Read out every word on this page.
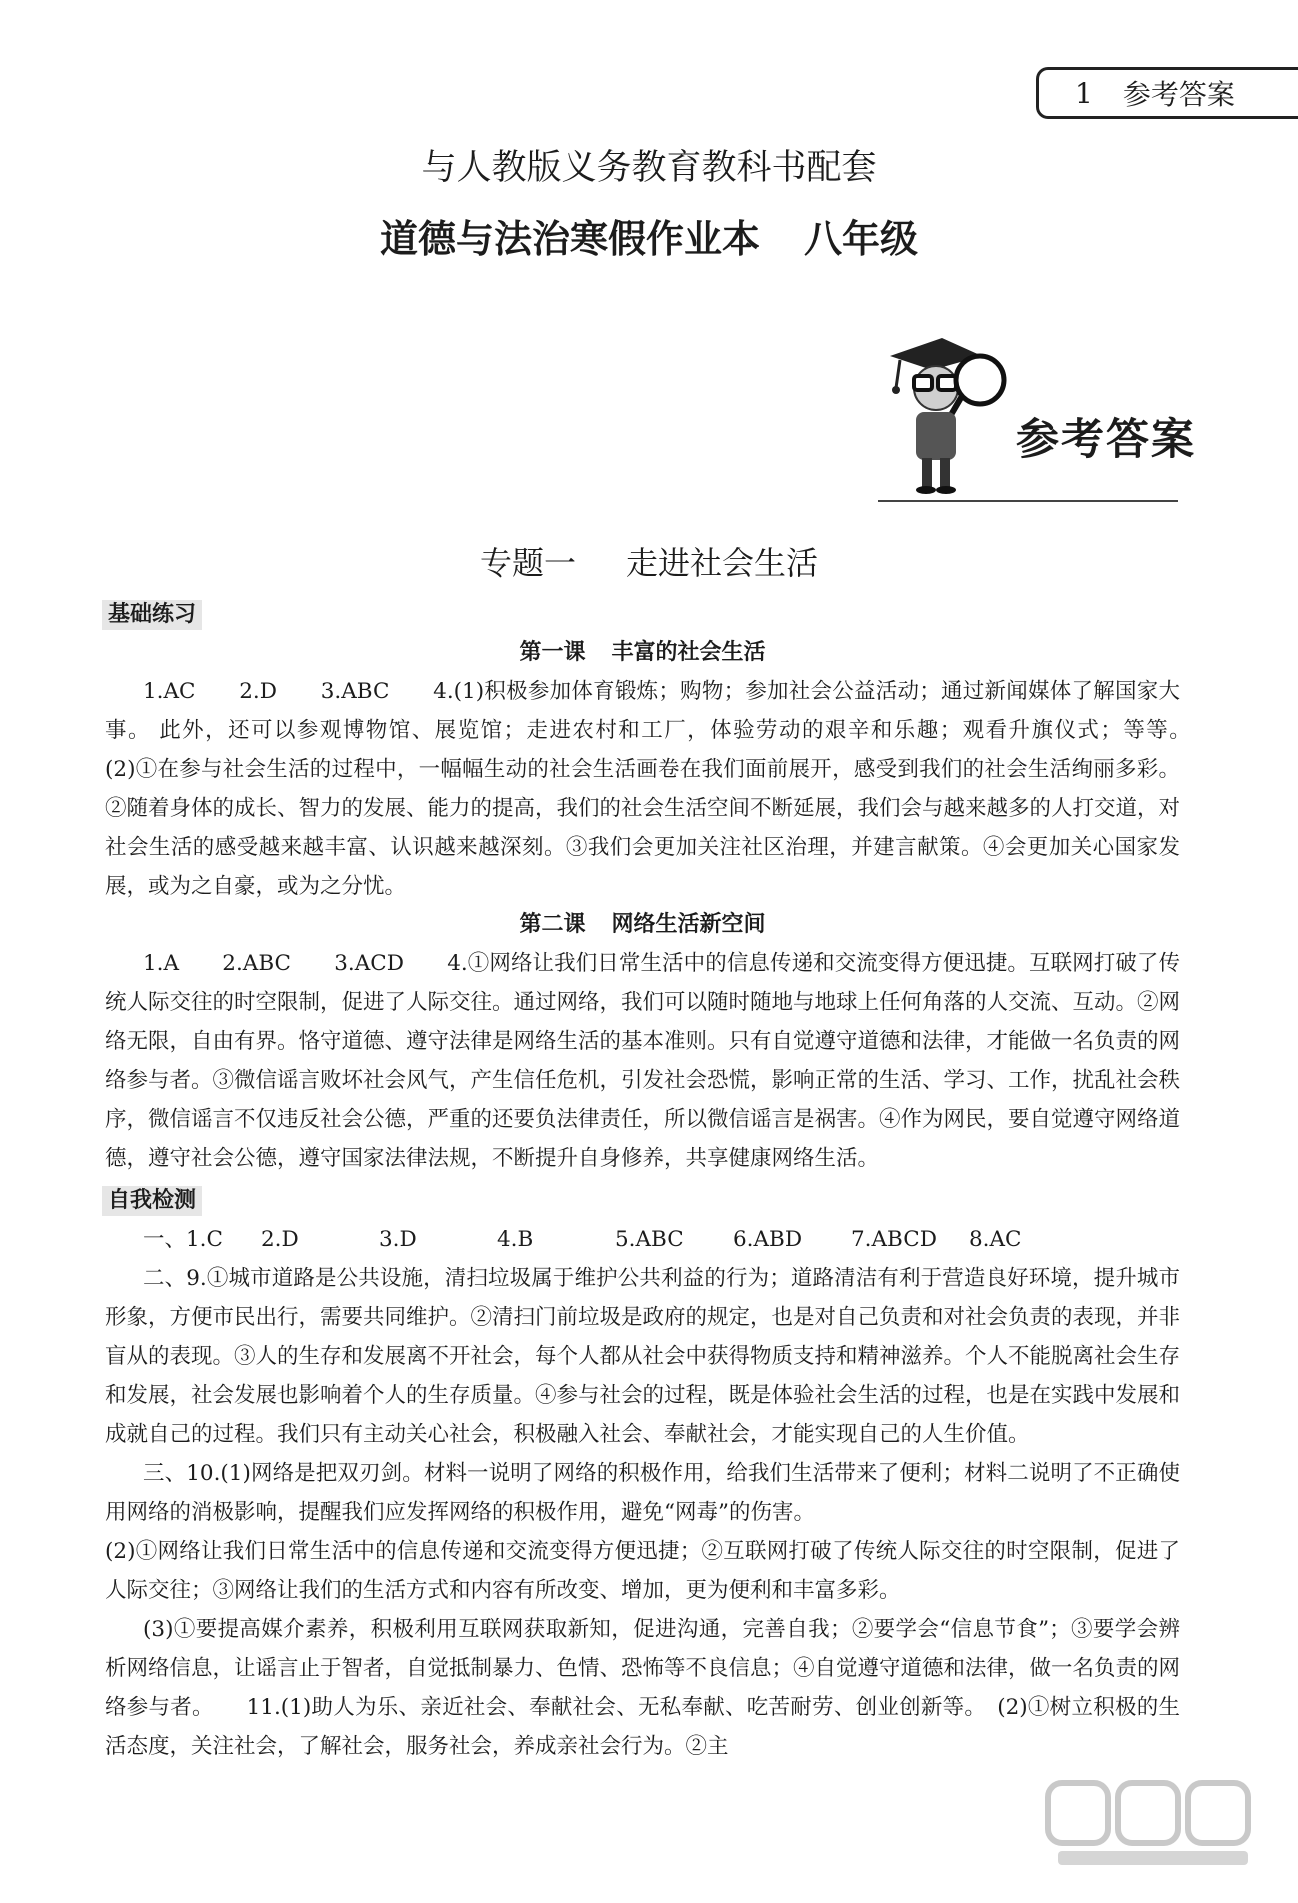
1 参考答案
与人教版义务教育教科书配套
道德与法治寒假作业本 八年级
参考答案
专题一 走进社会生活
基础练习
第一课 丰富的社会生活

1.AC　　2.D　　3.ABC　　4.(1)积极参加体育锻炼；购物；参加社会公益活动；通过新闻媒体了解国家大事。 此外，还可以参观博物馆、展览馆；走进农村和工厂，体验劳动的艰辛和乐趣；观看升旗仪式；等等。　(2)①在参与社会生活的过程中，一幅幅生动的社会生活画卷在我们面前展开，感受到我们的社会生活绚丽多彩。②随着身体的成长、智力的发展、能力的提高，我们的社会生活空间不断延展，我们会与越来越多的人打交道，对社会生活的感受越来越丰富、认识越来越深刻。③我们会更加关注社区治理，并建言献策。④会更加关心国家发展，或为之自豪，或为之分忧。

第二课 网络生活新空间

1.A　　2.ABC　　3.ACD　　4.①网络让我们日常生活中的信息传递和交流变得方便迅捷。互联网打破了传统人际交往的时空限制，促进了人际交往。通过网络，我们可以随时随地与地球上任何角落的人交流、互动。②网络无限，自由有界。恪守道德、遵守法律是网络生活的基本准则。只有自觉遵守道德和法律，才能做一名负责的网络参与者。③微信谣言败坏社会风气，产生信任危机，引发社会恐慌，影响正常的生活、学习、工作，扰乱社会秩序，微信谣言不仅违反社会公德，严重的还要负法律责任，所以微信谣言是祸害。④作为网民，要自觉遵守网络道德，遵守社会公德，遵守国家法律法规，不断提升自身修养，共享健康网络生活。

自我检测
一、1.C	2.D	3.D	4.B	5.ABC	6.ABD	7.ABCD	8.AC

二、9.①城市道路是公共设施，清扫垃圾属于维护公共利益的行为；道路清洁有利于营造良好环境，提升城市形象，方便市民出行，需要共同维护。②清扫门前垃圾是政府的规定，也是对自己负责和对社会负责的表现，并非盲从的表现。③人的生存和发展离不开社会，每个人都从社会中获得物质支持和精神滋养。个人不能脱离社会生存和发展，社会发展也影响着个人的生存质量。④参与社会的过程，既是体验社会生活的过程，也是在实践中发展和成就自己的过程。我们只有主动关心社会，积极融入社会、奉献社会，才能实现自己的人生价值。

三、10.(1)网络是把双刃剑。材料一说明了网络的积极作用，给我们生活带来了便利；材料二说明了不正确使用网络的消极影响，提醒我们应发挥网络的积极作用，避免“网毒”的伤害。

(2)①网络让我们日常生活中的信息传递和交流变得方便迅捷；②互联网打破了传统人际交往的时空限制，促进了人际交往；③网络让我们的生活方式和内容有所改变、增加，更为便利和丰富多彩。

(3)①要提高媒介素养，积极利用互联网获取新知，促进沟通，完善自我；②要学会“信息节食”；③要学会辨析网络信息，让谣言止于智者，自觉抵制暴力、色情、恐怖等不良信息；④自觉遵守道德和法律，做一名负责的网络参与者。　　11.(1)助人为乐、亲近社会、奉献社会、无私奉献、吃苦耐劳、创业创新等。　(2)①树立积极的生活态度，关注社会，了解社会，服务社会，养成亲社会行为。②主
